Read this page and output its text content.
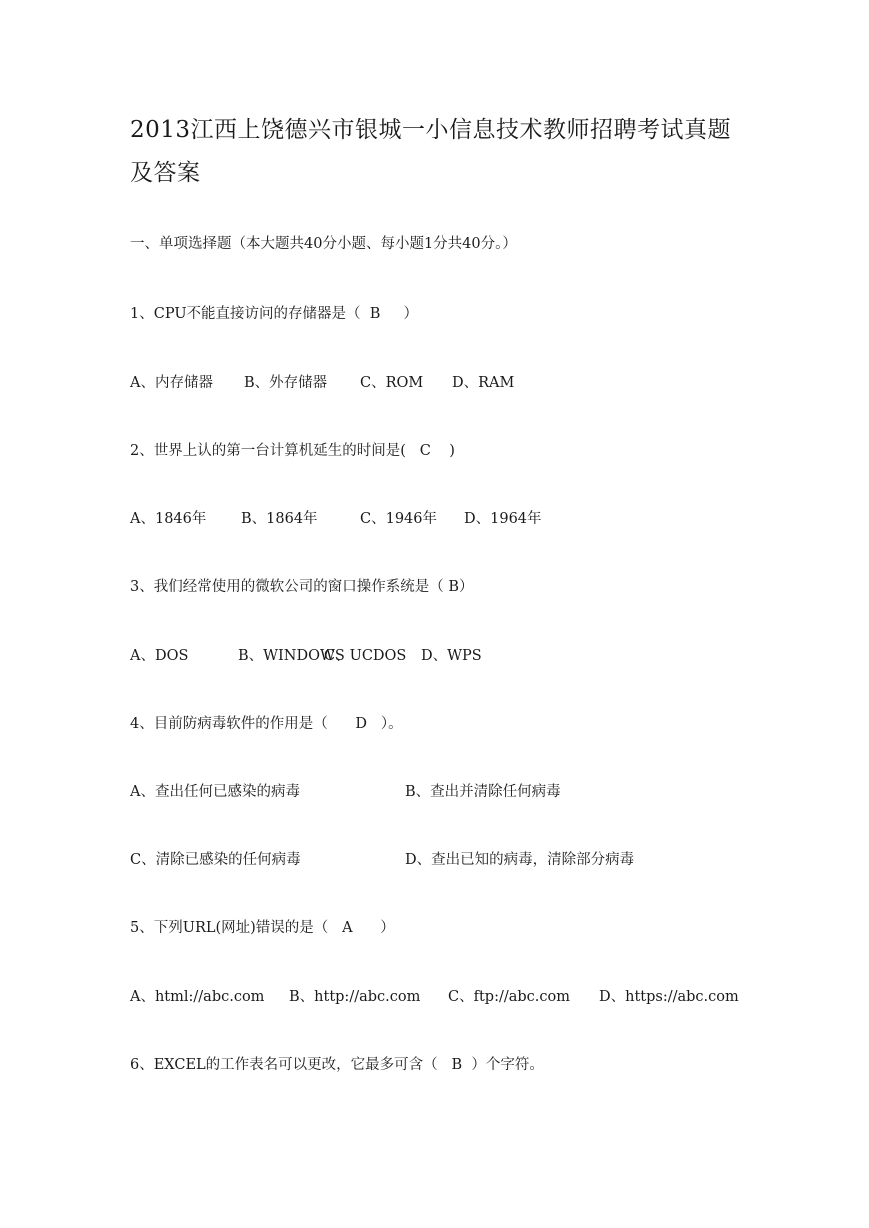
2013江西上饶德兴市银城一小信息技术教师招聘考试真题
及答案
一、单项选择题（本大题共40分小题、每小题1分共40分。）
1、CPU不能直接访问的存储器是（  B     ）
A、内存储器 B、外存储器 C、ROM D、RAM
2、世界上认的第一台计算机延生的时间是(   C    )
A、1846年 B、1864年	C、1946年 D、1964年
3、我们经常使用的微软公司的窗口操作系统是（ B）
A、DOS	B、WINDOWS
C、UCDOS D、WPS
4、目前防病毒软件的作用是（      D   ）。
A、查出任何已感染的病毒	B、查出并清除任何病毒
C、清除已感染的任何病毒	D、查出已知的病毒，清除部分病毒
5、下列URL(网址)错误的是（   A      ）
A、html://abc.com B、http://abc.com C、ftp://abc.com D、https://abc.com
6、EXCEL的工作表名可以更改，它最多可含（   B  ）个字符。
